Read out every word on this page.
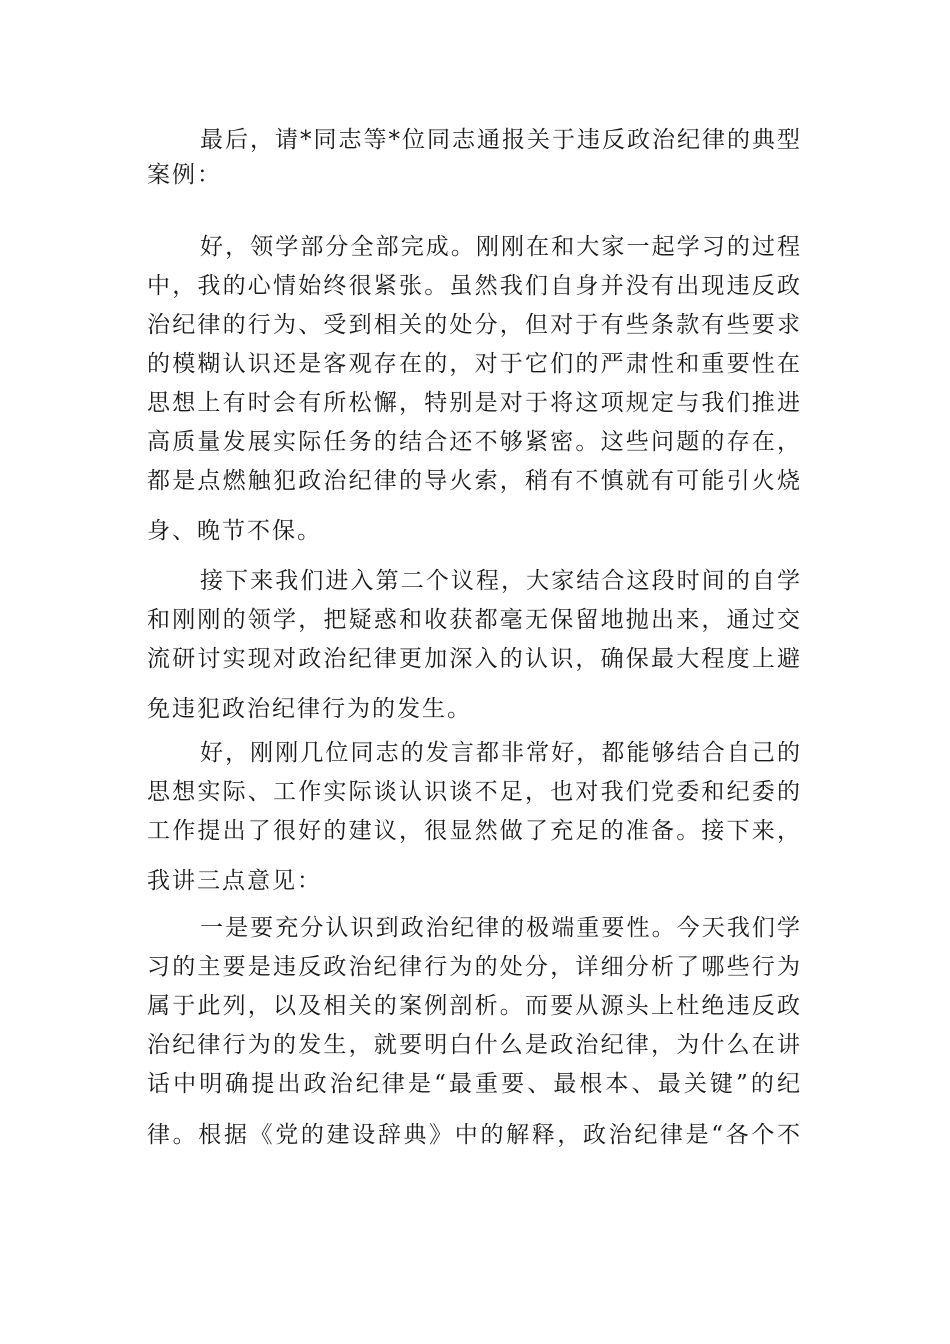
最后，请*同志等*位同志通报关于违反政治纪律的典型
案例：
好，领学部分全部完成。刚刚在和大家一起学习的过程
中，我的心情始终很紧张。虽然我们自身并没有出现违反政
治纪律的行为、受到相关的处分，但对于有些条款有些要求
的模糊认识还是客观存在的，对于它们的严肃性和重要性在
思想上有时会有所松懈，特别是对于将这项规定与我们推进
高质量发展实际任务的结合还不够紧密。这些问题的存在，
都是点燃触犯政治纪律的导火索，稍有不慎就有可能引火烧
身、晚节不保。
接下来我们进入第二个议程，大家结合这段时间的自学
和刚刚的领学，把疑惑和收获都毫无保留地抛出来，通过交
流研讨实现对政治纪律更加深入的认识，确保最大程度上避
免违犯政治纪律行为的发生。
好，刚刚几位同志的发言都非常好，都能够结合自己的
思想实际、工作实际谈认识谈不足，也对我们党委和纪委的
工作提出了很好的建议，很显然做了充足的准备。接下来，
我讲三点意见：
一是要充分认识到政治纪律的极端重要性。今天我们学
习的主要是违反政治纪律行为的处分，详细分析了哪些行为
属于此列，以及相关的案例剖析。而要从源头上杜绝违反政
治纪律行为的发生，就要明白什么是政治纪律，为什么在讲
话中明确提出政治纪律是“最重要、最根本、最关键”的纪
律。根据《党的建设辞典》中的解释，政治纪律是“各个不
